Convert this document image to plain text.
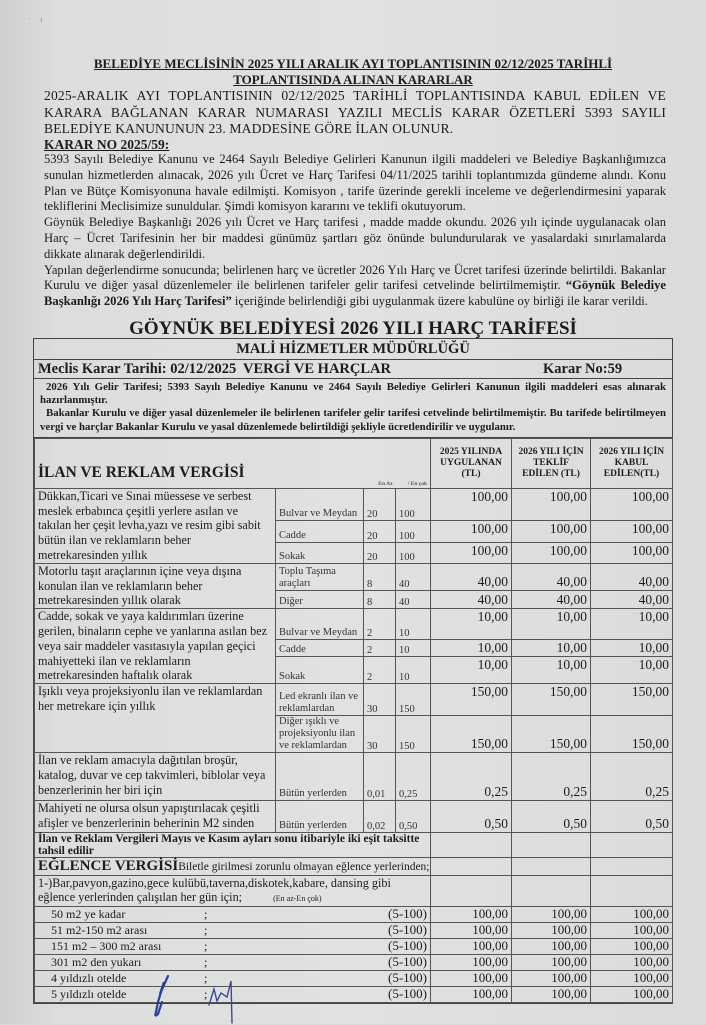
·    ı
BELEDİYE MECLİSİNİN 2025 YILI ARALIK AYI TOPLANTISININ 02/12/2025 TARİHLİ
TOPLANTISINDA ALINAN KARARLAR
2025-ARALIK AYI TOPLANTISININ 02/12/2025 TARİHLİ TOPLANTISINDA KABUL EDİLEN VE KARARA BAĞLANAN KARAR NUMARASI YAZILI MECLİS KARAR ÖZETLERİ 5393 SAYILI BELEDİYE KANUNUNUN 23. MADDESİNE GÖRE İLAN OLUNUR.
KARAR NO 2025/59:

5393 Sayılı Belediye Kanunu ve 2464 Sayılı Belediye Gelirleri Kanunun ilgili maddeleri ve Belediye Başkanlığımızca sunulan hizmetlerden alınacak, 2026 yılı Ücret ve Harç Tarifesi 04/11/2025 tarihli toplantımızda gündeme alındı. Konu Plan ve Bütçe Komisyonuna havale edilmişti. Komisyon , tarife üzerinde gerekli inceleme ve değerlendirmesini yaparak tekliflerini Meclisimize sunuldular. Şimdi komisyon kararını ve teklifi okutuyorum.

Göynük Belediye Başkanlığı 2026 yılı Ücret ve Harç tarifesi , madde madde okundu. 2026 yılı içinde uygulanacak olan Harç – Ücret Tarifesinin her bir maddesi günümüz şartları göz önünde bulundurularak ve yasalardaki sınırlamalarda dikkate alınarak değerlendirildi.

Yapılan değerlendirme sonucunda; belirlenen harç ve ücretler 2026 Yılı Harç ve Ücret tarifesi üzerinde belirtildi. Bakanlar Kurulu ve diğer yasal düzenlemeler ile belirlenen tarifeler gelir tarifesi cetvelinde belirtilmemiştir. “Göynük Belediye Başkanlığı 2026 Yılı Harç Tarifesi” içeriğinde belirlendiği gibi uygulanmak üzere kabulüne oy birliği ile karar verildi.

GÖYNÜK BELEDİYESİ 2026 YILI HARÇ TARİFESİ
MALİ HİZMETLER MÜDÜRLÜĞÜ
Meclis Karar Tarihi: 02/12/2025 VERGİ VE HARÇLAR	Karar No:59

2026 Yılı Gelir Tarifesi; 5393 Sayılı Belediye Kanunu ve 2464 Sayılı Belediye Gelirleri Kanunun ilgili maddeleri esas alınarak hazırlanmıştır.

Bakanlar Kurulu ve diğer yasal düzenlemeler ile belirlenen tarifeler gelir tarifesi cetvelinde belirtilmemiştir. Bu tarifede belirtilmeyen vergi ve harçlar Bakanlar Kurulu ve yasal düzenlemede belirtildiği şekliyle ücretlendirilir ve uygulanır.

İLAN VE REKLAM VERGİSİ		En Az	/ En çok	2025 YILINDA UYGULANAN (TL)	2026 YILI İÇİN TEKLİF EDİLEN (TL)	2026 YILI İÇİN KABUL EDİLEN(TL)
Dükkan,Ticari ve Sınai müessese ve serbest meslek erbabınca çeşitli yerlere asılan ve takılan her çeşit levha,yazı ve resim gibi sabit bütün ilan ve reklamların beher metrekaresinden yıllık	Bulvar ve Meydan	20	100	100,00	100,00	100,00
	Cadde	20	100	100,00	100,00	100,00
	Sokak	20	100	100,00	100,00	100,00
Motorlu taşıt araçlarının içine veya dışına konulan ilan ve reklamların beher metrekaresinden yıllık olarak	Toplu Taşıma araçları	8	40	40,00	40,00	40,00
	Diğer	8	40	40,00	40,00	40,00
Cadde, sokak ve yaya kaldırımları üzerine gerilen, binaların cephe ve yanlarına asılan bez veya sair maddeler vasıtasıyla yapılan geçici mahiyetteki ilan ve reklamların metrekaresinden haftalık olarak	Bulvar ve Meydan	2	10	10,00	10,00	10,00
	Cadde	2	10	10,00	10,00	10,00
	Sokak	2	10	10,00	10,00	10,00
Işıklı veya projeksiyonlu ilan ve reklamlardan her metrekare için yıllık	Led ekranlı ilan ve reklamlardan	30	150	150,00	150,00	150,00
	Diğer ışıklı ve projeksiyonlu ilan ve reklamlardan	30	150	150,00	150,00	150,00
İlan ve reklam amacıyla dağıtılan broşür, katalog, duvar ve cep takvimleri, biblolar veya benzerlerinin her biri için	Bütün yerlerden	0,01	0,25	0,25	0,25	0,25
Mahiyeti ne olursa olsun yapıştırılacak çeşitli afişler ve benzerlerinin beherinin M2 sinden	Bütün yerlerden	0,02	0,50	0,50	0,50	0,50
İlan ve Reklam Vergileri Mayıs ve Kasım ayları sonu itibariyle iki eşit taksitte tahsil edilir						
EĞLENCE VERGİSİBiletle girilmesi zorunlu olmayan eğlence yerlerinden;						
1-)Bar,pavyon,gazino,gece kulübü,taverna,diskotek,kabare, dansing gibi eğlence yerlerinden çalışılan her gün için; (En az-En çok)						
50 m2 ye kadar ; (5-100)				100,00	100,00	100,00
51 m2-150 m2 arası ; (5-100)				100,00	100,00	100,00
151 m2 – 300 m2 arası ; (5-100)				100,00	100,00	100,00
301 m2 den yukarı ; (5-100)				100,00	100,00	100,00
4 yıldızlı otelde ; (5-100)				100,00	100,00	100,00
5 yıldızlı otelde ; (5-100)				100,00	100,00	100,00
